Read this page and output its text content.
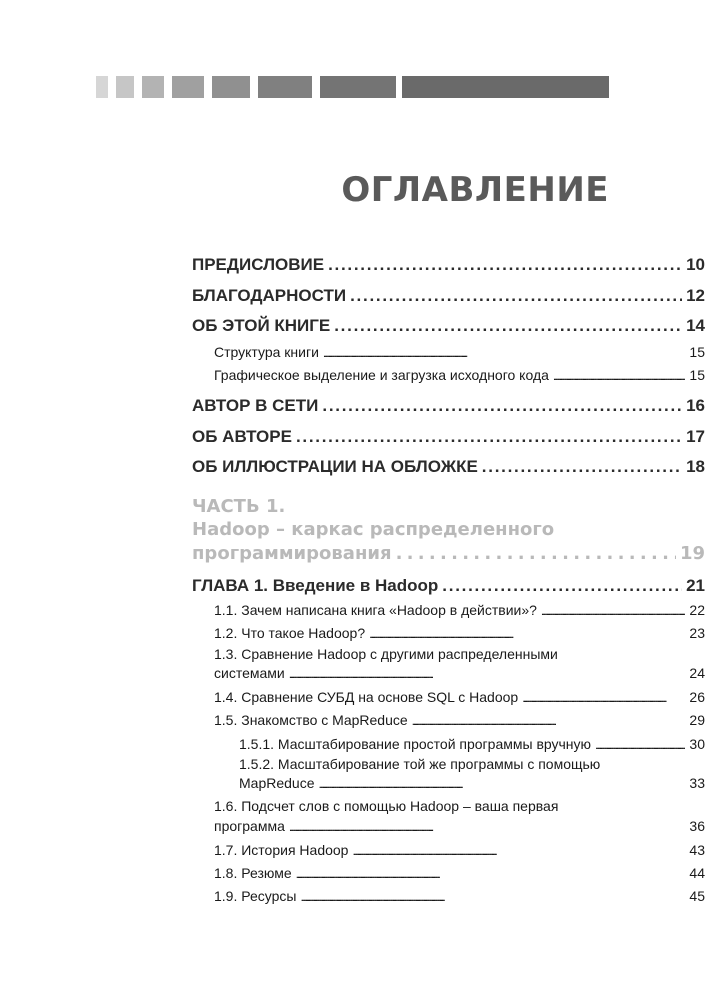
ОГЛАВЛЕНИЕ
ПРЕДИСЛОВИЕ . . .	10
БЛАГОДАРНОСТИ . . .	12
ОБ ЭТОЙ КНИГЕ . . .	14
Структура книги . . .	15
Графическое выделение и загрузка исходного кода . . .	15
АВТОР В СЕТИ . . .	16
ОБ АВТОРЕ . . .	17
ОБ ИЛЛЮСТРАЦИИ НА ОБЛОЖКЕ . . .	18
ЧАСТЬ 1.
Hadoop – каркас распределенного
программирования . . .	19
ГЛАВА 1. Введение в Hadoop . . .	21
1.1. Зачем написана книга «Hadoop в действии»? . . .	22
1.2. Что такое Hadoop? . . .	23
1.3. Сравнение Hadoop с другими распределенными
системами . . .	24
1.4. Сравнение СУБД на основе SQL с Hadoop . . .	26
1.5. Знакомство с MapReduce . . .	29
1.5.1. Масштабирование простой программы вручную . . .	30
1.5.2. Масштабирование той же программы с помощью
MapReduce . . .	33
1.6. Подсчет слов с помощью Hadoop – ваша первая
программа . . .	36
1.7. История Hadoop . . .	43
1.8. Резюме . . .	44
1.9. Ресурсы . . .	45
